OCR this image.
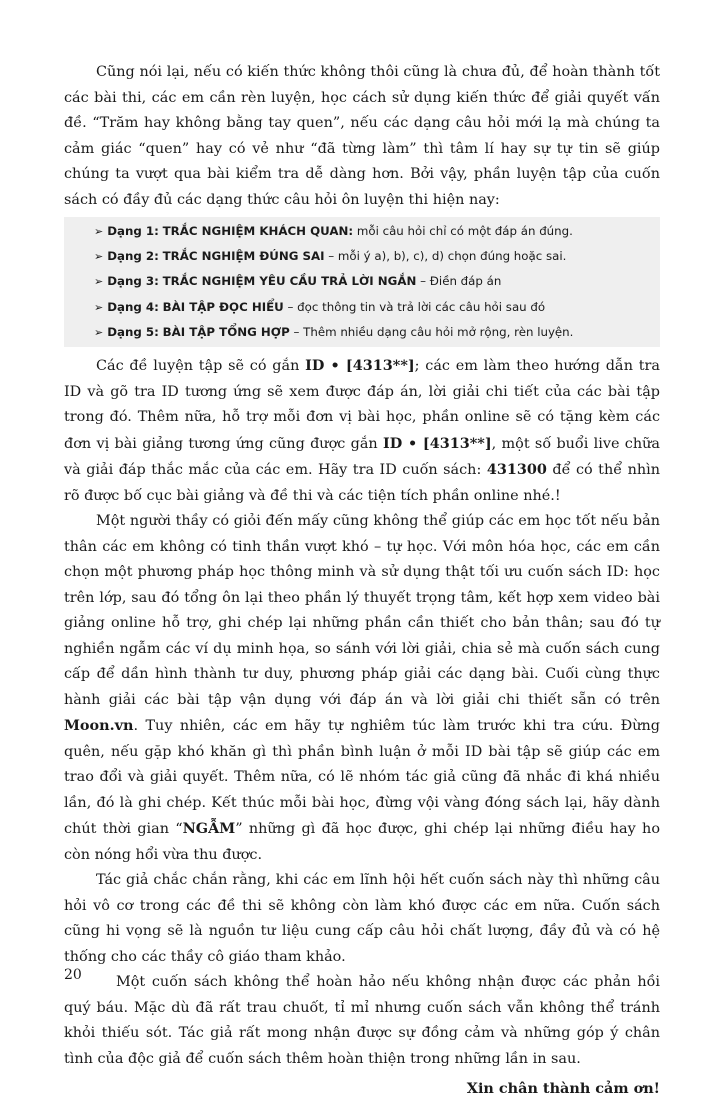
Cũng nói lại, nếu có kiến thức không thôi cũng là chưa đủ, để hoàn thành tốt các bài thi, các em cần rèn luyện, học cách sử dụng kiến thức để giải quyết vấn đề. “Trăm hay không bằng tay quen”, nếu các dạng câu hỏi mới lạ mà chúng ta cảm giác “quen” hay có vẻ như “đã từng làm” thì tâm lí hay sự tự tin sẽ giúp chúng ta vượt qua bài kiểm tra dễ dàng hơn. Bởi vậy, phần luyện tập của cuốn sách có đầy đủ các dạng thức câu hỏi ôn luyện thi hiện nay:

➢ Dạng 1: TRẮC NGHIỆM KHÁCH QUAN: mỗi câu hỏi chỉ có một đáp án đúng.
➢ Dạng 2: TRẮC NGHIỆM ĐÚNG SAI – mỗi ý a), b), c), d) chọn đúng hoặc sai.
➢ Dạng 3: TRẮC NGHIỆM YÊU CẦU TRẢ LỜI NGẮN – Điền đáp án
➢ Dạng 4: BÀI TẬP ĐỌC HIỂU – đọc thông tin và trả lời các câu hỏi sau đó
➢ Dạng 5: BÀI TẬP TỔNG HỢP – Thêm nhiều dạng câu hỏi mở rộng, rèn luyện.

Các đề luyện tập sẽ có gắn ID • [4313**]; các em làm theo hướng dẫn tra ID và gõ tra ID tương ứng sẽ xem được đáp án, lời giải chi tiết của các bài tập trong đó. Thêm nữa, hỗ trợ mỗi đơn vị bài học, phần online sẽ có tặng kèm các đơn vị bài giảng tương ứng cũng được gắn ID • [4313**], một số buổi live chữa và giải đáp thắc mắc của các em. Hãy tra ID cuốn sách: 431300 để có thể nhìn rõ được bố cục bài giảng và đề thi và các tiện tích phần online nhé.!

Một người thầy có giỏi đến mấy cũng không thể giúp các em học tốt nếu bản thân các em không có tinh thần vượt khó – tự học. Với môn hóa học, các em cần chọn một phương pháp học thông minh và sử dụng thật tối ưu cuốn sách ID: học trên lớp, sau đó tổng ôn lại theo phần lý thuyết trọng tâm, kết hợp xem video bài giảng online hỗ trợ, ghi chép lại những phần cần thiết cho bản thân; sau đó tự nghiền ngẫm các ví dụ minh họa, so sánh với lời giải, chia sẻ mà cuốn sách cung cấp để dần hình thành tư duy, phương pháp giải các dạng bài. Cuối cùng thực hành giải các bài tập vận dụng với đáp án và lời giải chi thiết sẵn có trên Moon.vn. Tuy nhiên, các em hãy tự nghiêm túc làm trước khi tra cứu. Đừng quên, nếu gặp khó khăn gì thì phần bình luận ở mỗi ID bài tập sẽ giúp các em trao đổi và giải quyết. Thêm nữa, có lẽ nhóm tác giả cũng đã nhắc đi khá nhiều lần, đó là ghi chép. Kết thúc mỗi bài học, đừng vội vàng đóng sách lại, hãy dành chút thời gian “NGẪM” những gì đã học được, ghi chép lại những điều hay ho còn nóng hổi vừa thu được.

Tác giả chắc chắn rằng, khi các em lĩnh hội hết cuốn sách này thì những câu hỏi vô cơ trong các đề thi sẽ không còn làm khó được các em nữa. Cuốn sách cũng hi vọng sẽ là nguồn tư liệu cung cấp câu hỏi chất lượng, đầy đủ và có hệ thống cho các thầy cô giáo tham khảo.

Một cuốn sách không thể hoàn hảo nếu không nhận được các phản hồi quý báu. Mặc dù đã rất trau chuốt, tỉ mỉ nhưng cuốn sách vẫn không thể tránh khỏi thiếu sót. Tác giả rất mong nhận được sự đồng cảm và những góp ý chân tình của độc giả để cuốn sách thêm hoàn thiện trong những lần in sau.

Xin chân thành cảm ơn!
20
